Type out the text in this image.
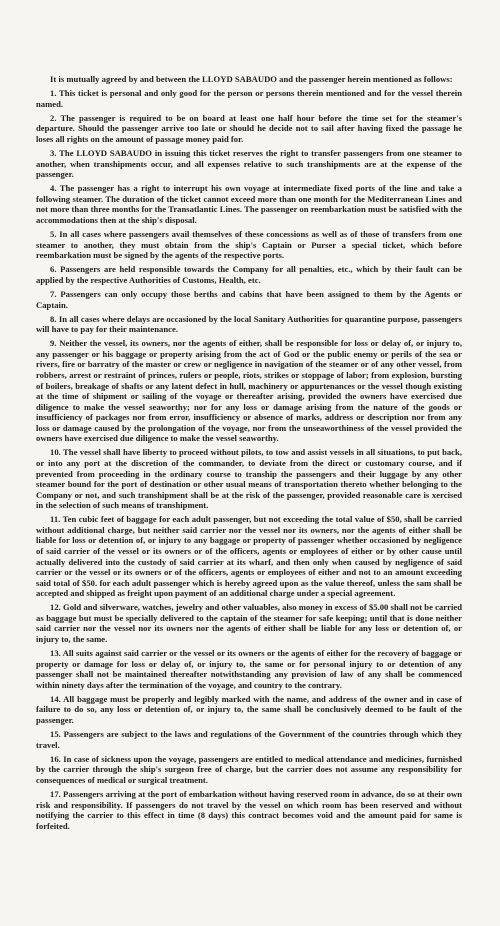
It is mutually agreed by and between the LLOYD SABAUDO and the passenger herein mentioned as follows:

1. This ticket is personal and only good for the person or persons therein mentioned and for the vessel therein named.

2. The passenger is required to be on board at least one half hour before the time set for the steamer's departure. Should the passenger arrive too late or should he decide not to sail after having fixed the passage he loses all rights on the amount of passage money paid for.

3. The LLOYD SABAUDO in issuing this ticket reserves the right to transfer passengers from one steamer to another, when transhipments occur, and all expenses relative to such transhipments are at the expense of the passenger.

4. The passenger has a right to interrupt his own voyage at intermediate fixed ports of the line and take a following steamer. The duration of the ticket cannot exceed more than one month for the Mediterranean Lines and not more than three months for the Transatlantic Lines. The passenger on reembarkation must be satisfied with the accommodations then at the ship's disposal.

5. In all cases where passengers avail themselves of these concessions as well as of those of transfers from one steamer to another, they must obtain from the ship's Captain or Purser a special ticket, which before reembarkation must be signed by the agents of the respective ports.

6. Passengers are held responsible towards the Company for all penalties, etc., which by their fault can be applied by the respective Authorities of Customs, Health, etc.

7. Passengers can only occupy those berths and cabins that have been assigned to them by the Agents or Captain.

8. In all cases where delays are occasioned by the local Sanitary Authorities for quarantine purpose, passengers will have to pay for their maintenance.

9. Neither the vessel, its owners, nor the agents of either, shall be responsible for loss or delay of, or injury to, any passenger or his baggage or property arising from the act of God or the public enemy or perils of the sea or rivers, fire or barratry of the master or crew or negligence in navigation of the steamer or of any other vessel, from robbers, arrest or restraint of princes, rulers or people, riots, strikes or stoppage of labor; from explosion, bursting of boilers, breakage of shafts or any latent defect in hull, machinery or appurtenances or the vessel though existing at the time of shipment or sailing of the voyage or thereafter arising, provided the owners have exercised due diligence to make the vessel seaworthy; nor for any loss or damage arising from the nature of the goods or insufficiency of packages nor from error, insufficiency or absence of marks, address or description nor from any loss or damage caused by the prolongation of the voyage, nor from the unseaworthiness of the vessel provided the owners have exercised due diligence to make the vessel seaworthy.

10. The vessel shall have liberty to proceed without pilots, to tow and assist vessels in all situations, to put back, or into any port at the discretion of the commander, to deviate from the direct or customary course, and if prevented from proceeding in the ordinary course to tranship the passengers and their luggage by any other steamer bound for the port of destination or other usual means of transportation thereto whether belonging to the Company or not, and such transhipment shall be at the risk of the passenger, provided reasonable care is xercised in the selection of such means of transhipment.

11. Ten cubic feet of baggage for each adult passenger, but not exceeding the total value of $50, shall be carried without additional charge, but neither said carrier nor the vessel nor its owners, nor the agents of either shall be liable for loss or detention of, or injury to any baggage or property of passenger whether occasioned by negligence of said carrier of the vessel or its owners or of the officers, agents or employees of either or by other cause until actually delivered into the custody of said carrier at its wharf, and then only when caused by negligence of said carrier or the vessel or its owners or of the officers, agents or employees of either and not to an amount exceeding said total of $50. for each adult passenger which is hereby agreed upon as the value thereof, unless the sam shall be accepted and shipped as freight upon payment of an additional charge under a special agreement.

12. Gold and silverware, watches, jewelry and other valuables, also money in excess of $5.00 shall not be carried as baggage but must be specially delivered to the captain of the steamer for safe keeping; until that is done neither said carrier nor the vessel nor its owners nor the agents of either shall be liable for any loss or detention of, or injury to, the same.

13. All suits against said carrier or the vessel or its owners or the agents of either for the recovery of baggage or property or damage for loss or delay of, or injury to, the same or for personal injury to or detention of any passenger shall not be maintained thereafter notwithstanding any provision of law of any shall be commenced within ninety days after the termination of the voyage, and country to the contrary.

14. All baggage must be properly and legibly marked with the name, and address of the owner and in case of failure to do so, any loss or detention of, or injury to, the same shall be conclusively deemed to be fault of the passenger.

15. Passengers are subject to the laws and regulations of the Government of the countries through which they travel.

16. In case of sickness upon the voyage, passengers are entitled to medical attendance and medicines, furnished by the carrier through the ship's surgeon free of charge, but the carrier does not assume any responsibility for consequences of medical or surgical treatment.

17. Passengers arriving at the port of embarkation without having reserved room in advance, do so at their own risk and responsibility. If passengers do not travel by the vessel on which room has been reserved and without notifying the carrier to this effect in time (8 days) this contract becomes void and the amount paid for same is forfeited.
